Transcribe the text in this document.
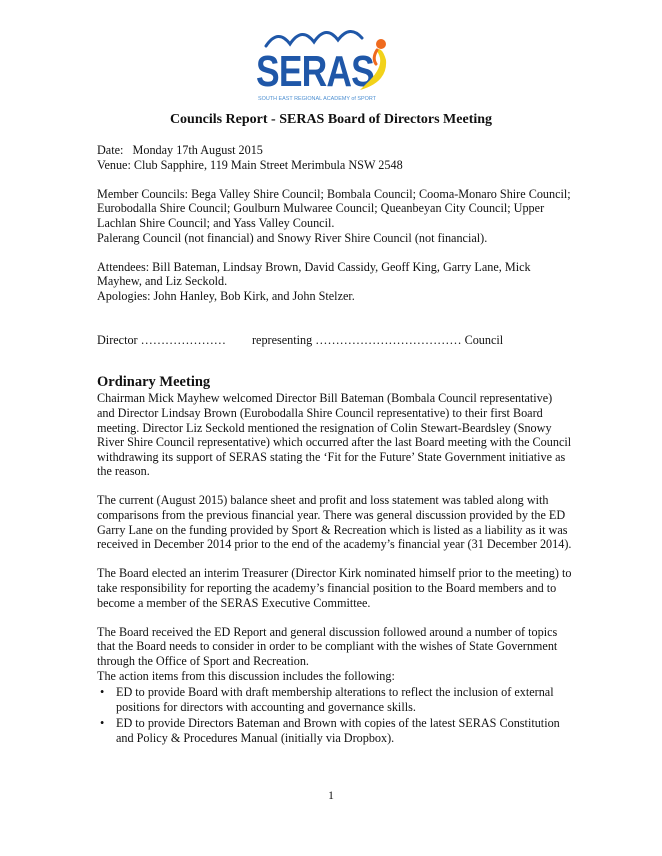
SERAS
SOUTH EAST REGIONAL ACADEMY of SPORT
Councils Report - SERAS Board of Directors Meeting

Date:   Monday 17th August 2015

Venue: Club Sapphire, 119 Main Street Merimbula NSW 2548

Member Councils: Bega Valley Shire Council; Bombala Council; Cooma-Monaro Shire Council; Eurobodalla Shire Council; Goulburn Mulwaree Council; Queanbeyan City Council; Upper Lachlan Shire Council; and Yass Valley Council.

Palerang Council (not financial) and Snowy River Shire Council (not financial).

Attendees: Bill Bateman, Lindsay Brown, David Cassidy, Geoff King, Garry Lane, Mick Mayhew, and Liz Seckold.

Apologies: John Hanley, Bob Kirk, and John Stelzer.

Director …………………	representing ……………………………… Council
Ordinary Meeting

Chairman Mick Mayhew welcomed Director Bill Bateman (Bombala Council representative) and Director Lindsay Brown (Eurobodalla Shire Council representative) to their first Board meeting. Director Liz Seckold mentioned the resignation of Colin Stewart-Beardsley (Snowy River Shire Council representative) which occurred after the last Board meeting with the Council withdrawing its support of SERAS stating the ‘Fit for the Future’ State Government initiative as the reason.

The current (August 2015) balance sheet and profit and loss statement was tabled along with comparisons from the previous financial year. There was general discussion provided by the ED Garry Lane on the funding provided by Sport & Recreation which is listed as a liability as it was received in December 2014 prior to the end of the academy’s financial year (31 December 2014).

The Board elected an interim Treasurer (Director Kirk nominated himself prior to the meeting) to take responsibility for reporting the academy’s financial position to the Board members and to become a member of the SERAS Executive Committee.

The Board received the ED Report and general discussion followed around a number of topics that the Board needs to consider in order to be compliant with the wishes of State Government through the Office of Sport and Recreation.

The action items from this discussion includes the following:

• ED to provide Board with draft membership alterations to reflect the inclusion of external positions for directors with accounting and governance skills.
• ED to provide Directors Bateman and Brown with copies of the latest SERAS Constitution and Policy & Procedures Manual (initially via Dropbox).
1
